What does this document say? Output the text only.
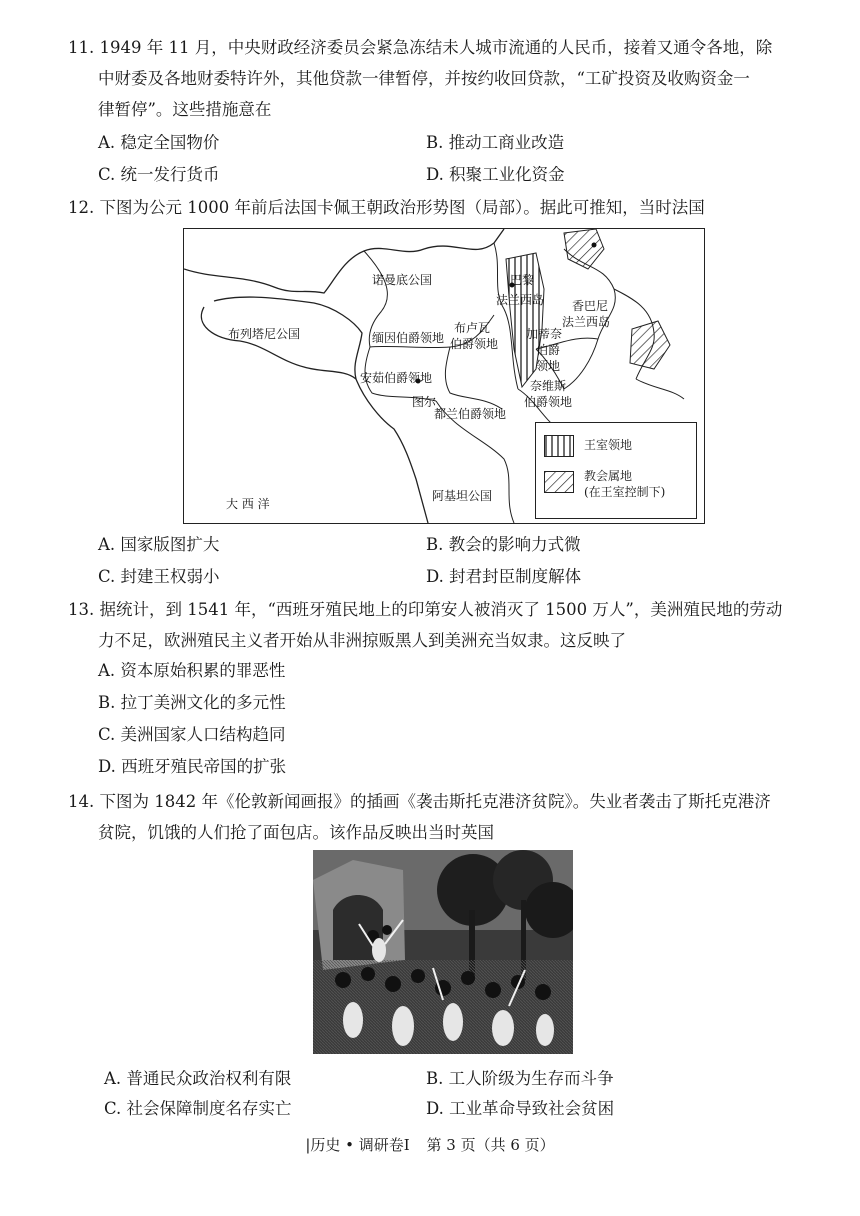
11. 1949 年 11 月，中央财政经济委员会紧急冻结未人城市流通的人民币，接着又通令各地，除
中财委及各地财委特许外，其他贷款一律暂停，并按约收回贷款，“工矿投资及收购资金一
律暂停”。这些措施意在
A. 稳定全国物价	B. 推动工商业改造
C. 统一发行货币	D. 积聚工业化资金
12. 下图为公元 1000 年前后法国卡佩王朝政治形势图（局部）。据此可推知，当时法国
诺曼底公国
布列塔尼公国	缅因伯爵领地
安茹伯爵领地
布卢瓦
伯爵领地
巴黎
法兰西岛 香巴尼
法兰西岛
加蒂奈
伯爵
领地
奈维斯
伯爵领地
图尔
都兰伯爵领地
大 西 洋
阿基坦公国
王室领地
教会属地
(在王室控制下)
A. 国家版图扩大	B. 教会的影响力式微
C. 封建王权弱小	D. 封君封臣制度解体
13. 据统计，到 1541 年，“西班牙殖民地上的印第安人被消灭了 1500 万人”，美洲殖民地的劳动
力不足，欧洲殖民主义者开始从非洲掠贩黑人到美洲充当奴隶。这反映了
A. 资本原始积累的罪恶性
B. 拉丁美洲文化的多元性
C. 美洲国家人口结构趋同
D. 西班牙殖民帝国的扩张
14. 下图为 1842 年《伦敦新闻画报》的插画《袭击斯托克港济贫院》。失业者袭击了斯托克港济
贫院，饥饿的人们抢了面包店。该作品反映出当时英国
A. 普通民众政治权利有限	B. 工人阶级为生存而斗争
C. 社会保障制度名存实亡	D. 工业革命导致社会贫困
|历史 • 调研卷Ⅰ 第 3 页（共 6 页）
